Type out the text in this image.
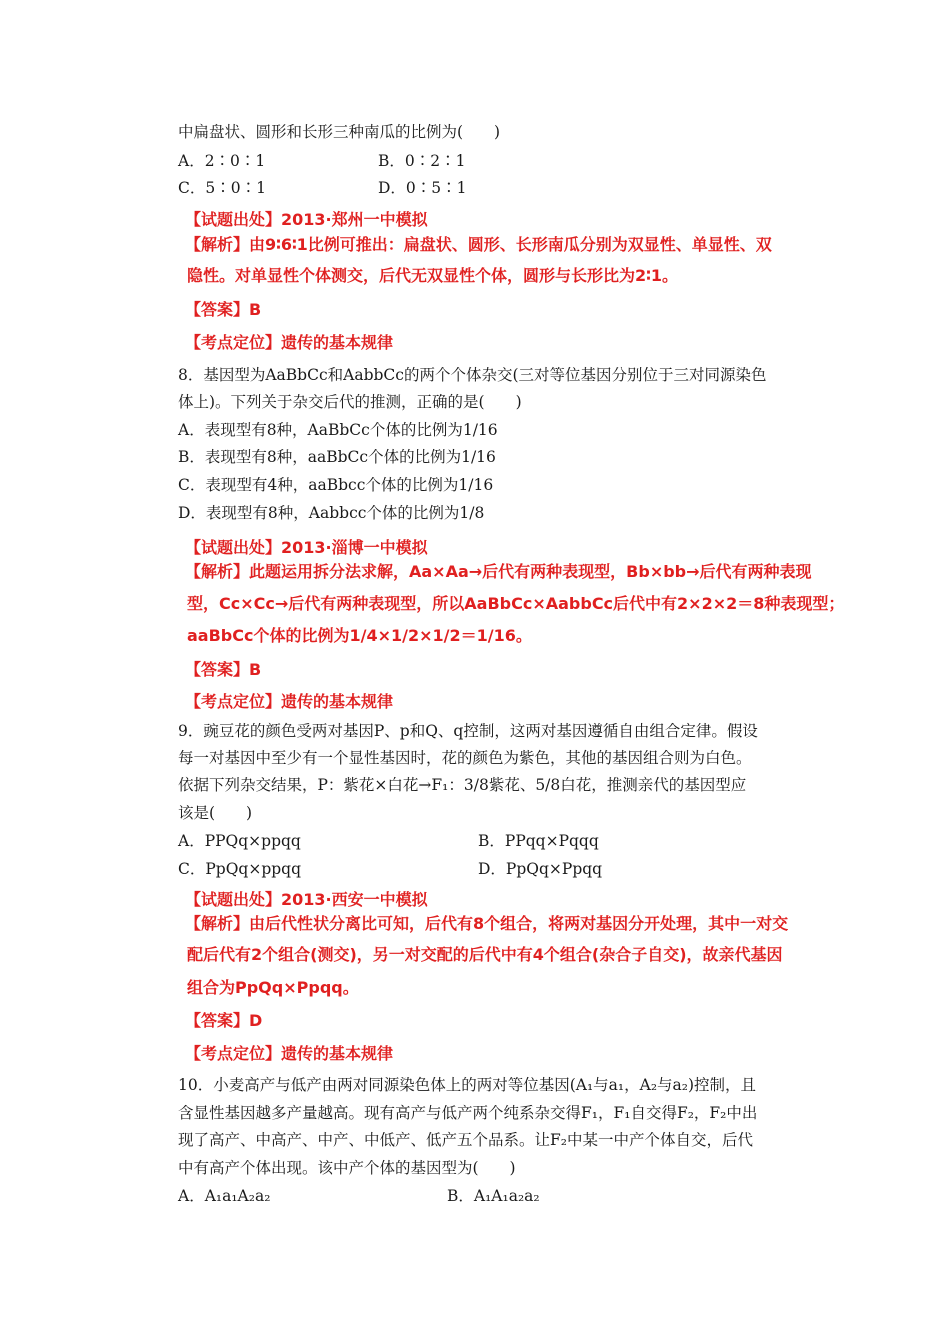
中扁盘状、圆形和长形三种南瓜的比例为(　　)
A．2∶0∶1	B．0∶2∶1
C．5∶0∶1	D．0∶5∶1
【试题出处】2013·郑州一中模拟
【解析】由9∶6∶1比例可推出：扁盘状、圆形、长形南瓜分别为双显性、单显性、双
隐性。对单显性个体测交，后代无双显性个体，圆形与长形比为2∶1。
【答案】B
【考点定位】遗传的基本规律
8．基因型为AaBbCc和AabbCc的两个个体杂交(三对等位基因分别位于三对同源染色
体上)。下列关于杂交后代的推测，正确的是(　　)
A．表现型有8种，AaBbCc个体的比例为1/16
B．表现型有8种，aaBbCc个体的比例为1/16
C．表现型有4种，aaBbcc个体的比例为1/16
D．表现型有8种，Aabbcc个体的比例为1/8
【试题出处】2013·淄博一中模拟
【解析】此题运用拆分法求解，Aa×Aa→后代有两种表现型，Bb×bb→后代有两种表现
型，Cc×Cc→后代有两种表现型，所以AaBbCc×AabbCc后代中有2×2×2＝8种表现型；
aaBbCc个体的比例为1/4×1/2×1/2＝1/16。
【答案】B
【考点定位】遗传的基本规律
9．豌豆花的颜色受两对基因P、p和Q、q控制，这两对基因遵循自由组合定律。假设
每一对基因中至少有一个显性基因时，花的颜色为紫色，其他的基因组合则为白色。
依据下列杂交结果，P：紫花×白花→F₁：3/8紫花、5/8白花，推测亲代的基因型应
该是(　　)
A．PPQq×ppqq	B．PPqq×Pqqq
C．PpQq×ppqq	D．PpQq×Ppqq
【试题出处】2013·西安一中模拟
【解析】由后代性状分离比可知，后代有8个组合，将两对基因分开处理，其中一对交
配后代有2个组合(测交)，另一对交配的后代中有4个组合(杂合子自交)，故亲代基因
组合为PpQq×Ppqq。
【答案】D
【考点定位】遗传的基本规律
10．小麦高产与低产由两对同源染色体上的两对等位基因(A₁与a₁，A₂与a₂)控制，且
含显性基因越多产量越高。现有高产与低产两个纯系杂交得F₁，F₁自交得F₂，F₂中出
现了高产、中高产、中产、中低产、低产五个品系。让F₂中某一中产个体自交，后代
中有高产个体出现。该中产个体的基因型为(　　)
A．A₁a₁A₂a₂	B．A₁A₁a₂a₂
